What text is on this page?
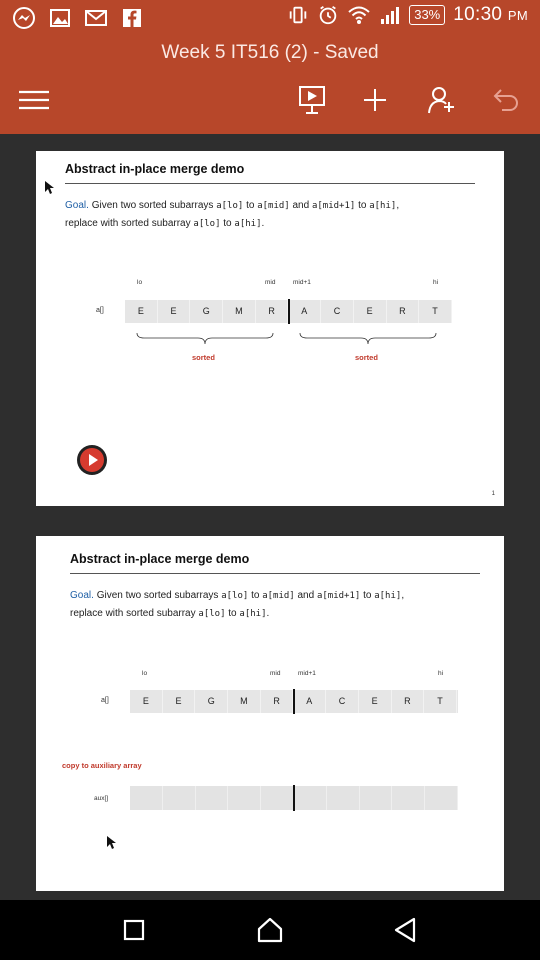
33% 10:30 PM
Week 5 IT516 (2) - Saved
Abstract in-place merge demo
Goal. Given two sorted subarrays a[lo] to a[mid] and a[mid+1] to a[hi],
replace with sorted subarray a[lo] to a[hi].
lo	mid	mid+1	hi
a[]	E	E	G	M	R	A	C	E	R	T
sorted	sorted
1
Abstract in-place merge demo
Goal. Given two sorted subarrays a[lo] to a[mid] and a[mid+1] to a[hi],
replace with sorted subarray a[lo] to a[hi].
lo	mid	mid+1	hi
a[]	E	E	G	M	R	A	C	E	R	T
copy to auxiliary array
aux[]
